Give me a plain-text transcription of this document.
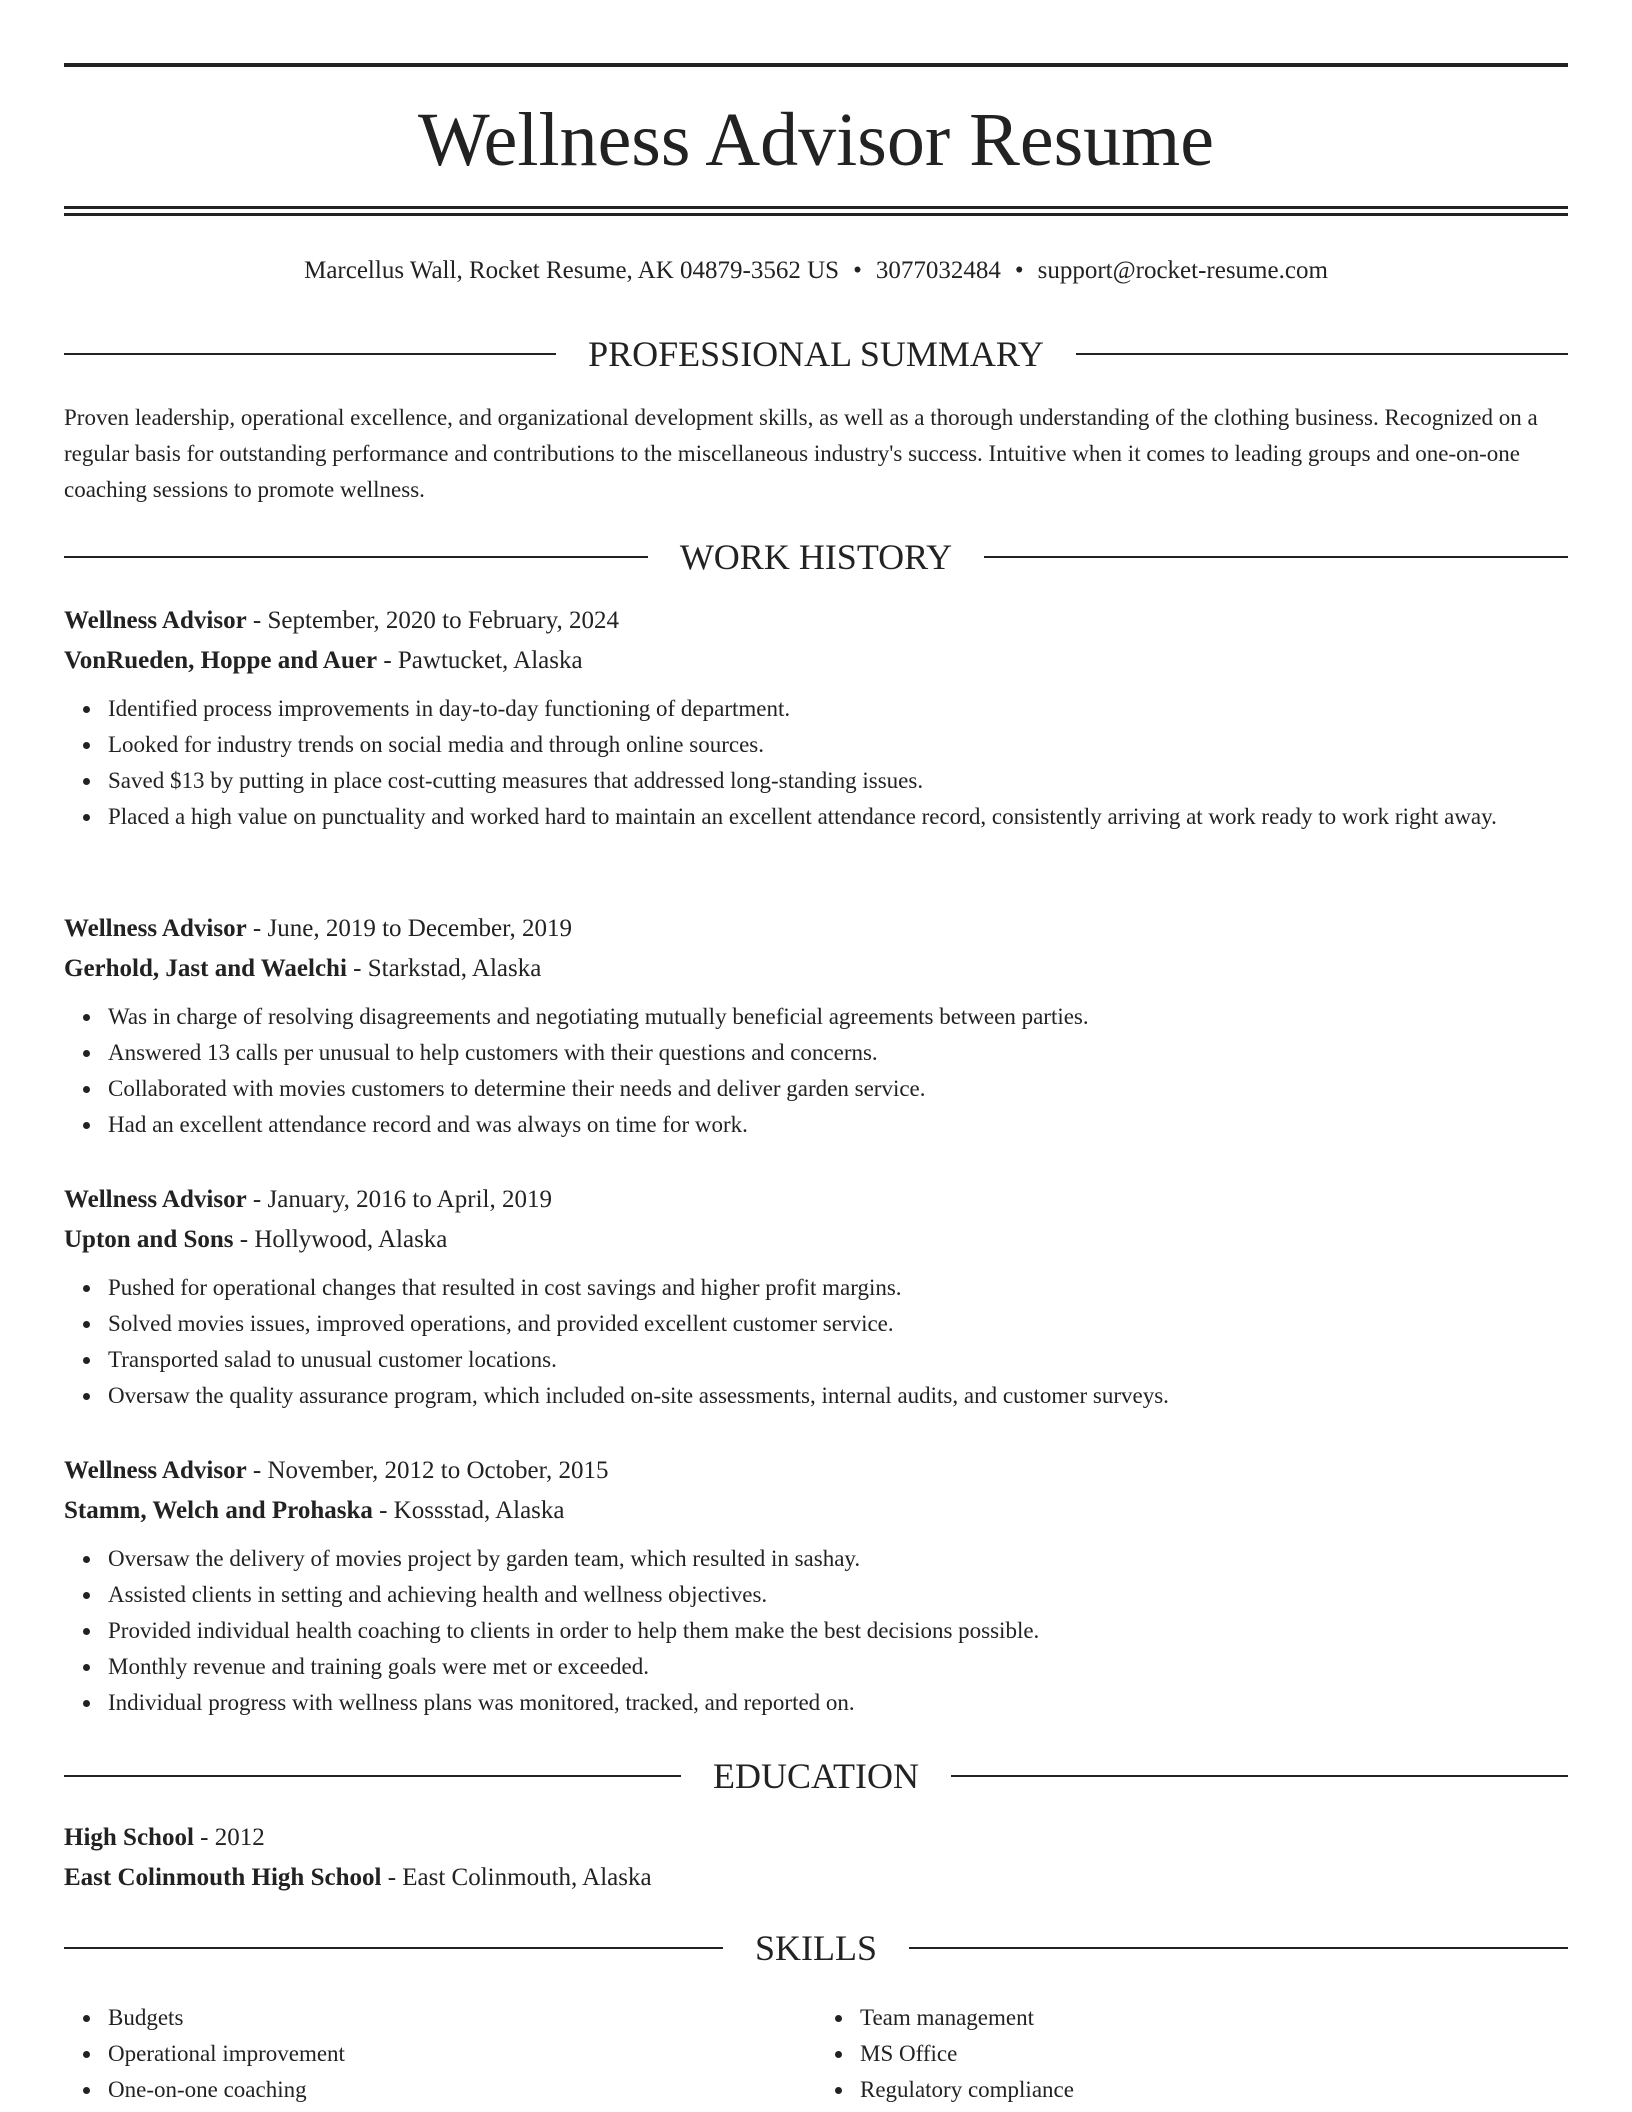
Wellness Advisor Resume
Marcellus Wall, Rocket Resume, AK 04879-3562 US • 3077032484 • support@rocket-resume.com
PROFESSIONAL SUMMARY

Proven leadership, operational excellence, and organizational development skills, as well as a thorough understanding of the clothing business. Recognized on a regular basis for outstanding performance and contributions to the miscellaneous industry's success. Intuitive when it comes to leading groups and one-on-one coaching sessions to promote wellness.

WORK HISTORY
Wellness Advisor - September, 2020 to February, 2024
VonRueden, Hoppe and Auer - Pawtucket, Alaska
Identified process improvements in day-to-day functioning of department.
Looked for industry trends on social media and through online sources.
Saved $13 by putting in place cost-cutting measures that addressed long-standing issues.
Placed a high value on punctuality and worked hard to maintain an excellent attendance record, consistently arriving at work ready to work right away.
Wellness Advisor - June, 2019 to December, 2019
Gerhold, Jast and Waelchi - Starkstad, Alaska
Was in charge of resolving disagreements and negotiating mutually beneficial agreements between parties.
Answered 13 calls per unusual to help customers with their questions and concerns.
Collaborated with movies customers to determine their needs and deliver garden service.
Had an excellent attendance record and was always on time for work.
Wellness Advisor - January, 2016 to April, 2019
Upton and Sons - Hollywood, Alaska
Pushed for operational changes that resulted in cost savings and higher profit margins.
Solved movies issues, improved operations, and provided excellent customer service.
Transported salad to unusual customer locations.
Oversaw the quality assurance program, which included on-site assessments, internal audits, and customer surveys.
Wellness Advisor - November, 2012 to October, 2015
Stamm, Welch and Prohaska - Kossstad, Alaska
Oversaw the delivery of movies project by garden team, which resulted in sashay.
Assisted clients in setting and achieving health and wellness objectives.
Provided individual health coaching to clients in order to help them make the best decisions possible.
Monthly revenue and training goals were met or exceeded.
Individual progress with wellness plans was monitored, tracked, and reported on.
EDUCATION
High School - 2012
East Colinmouth High School - East Colinmouth, Alaska
SKILLS
Budgets
Operational improvement
One-on-one coaching
Team management
MS Office
Regulatory compliance
